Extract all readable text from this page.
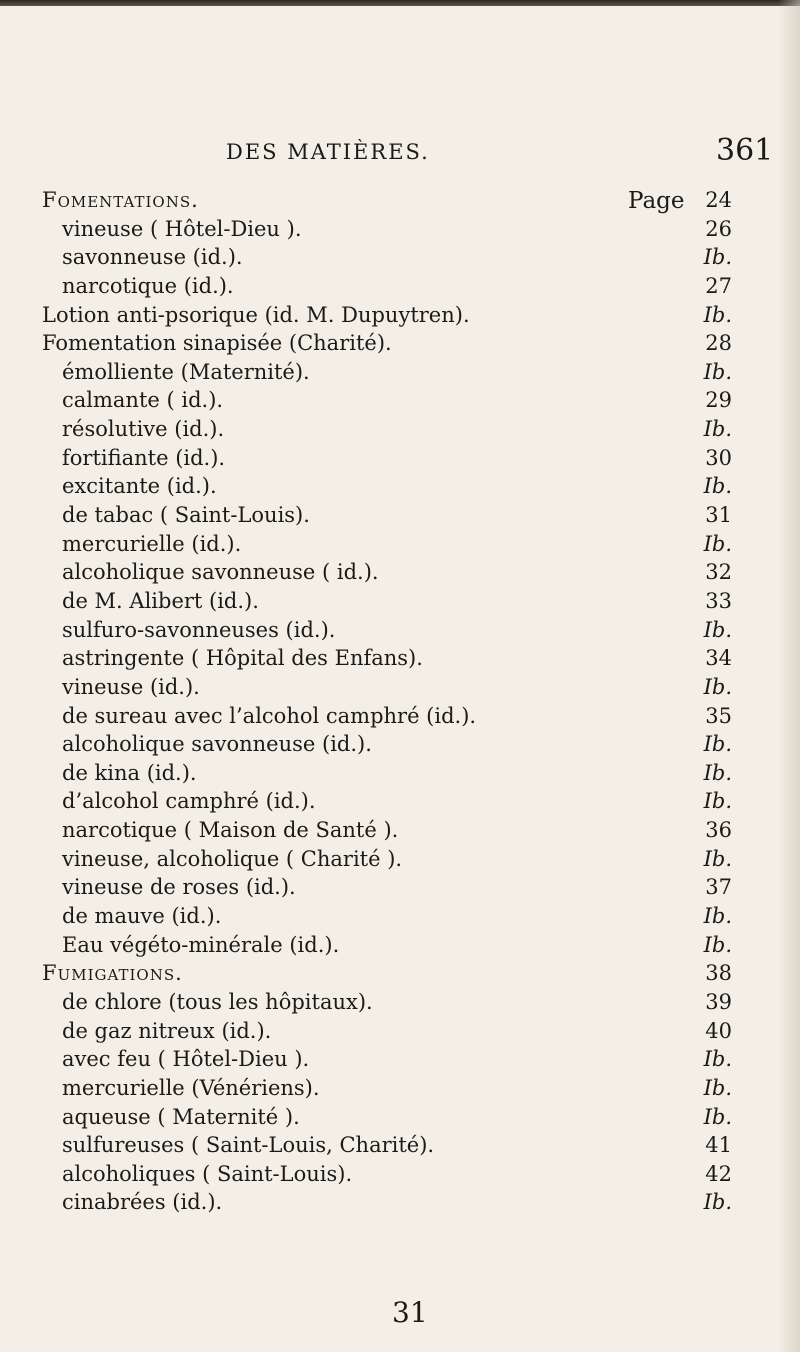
DES MATIÈRES.	361
Fomentations.	Page 24
vineuse ( Hôtel-Dieu ).	26
savonneuse (id.).	Ib.
narcotique (id.).	27
Lotion anti-psorique (id. M. Dupuytren).	Ib.
Fomentation sinapisée (Charité).	28
émolliente (Maternité).	Ib.
calmante ( id.).	29
résolutive (id.).	Ib.
fortifiante (id.).	30
excitante (id.).	Ib.
de tabac ( Saint-Louis).	31
mercurielle (id.).	Ib.
alcoholique savonneuse ( id.).	32
de M. Alibert (id.).	33
sulfuro-savonneuses (id.).	Ib.
astringente ( Hôpital des Enfans).	34
vineuse (id.).	Ib.
de sureau avec l’alcohol camphré (id.).	35
alcoholique savonneuse (id.).	Ib.
de kina (id.).	Ib.
d’alcohol camphré (id.).	Ib.
narcotique ( Maison de Santé ).	36
vineuse, alcoholique ( Charité ).	Ib.
vineuse de roses (id.).	37
de mauve (id.).	Ib.
Eau végéto-minérale (id.).	Ib.
Fumigations.	38
de chlore (tous les hôpitaux).	39
de gaz nitreux (id.).	40
avec feu ( Hôtel-Dieu ).	Ib.
mercurielle (Vénériens).	Ib.
aqueuse ( Maternité ).	Ib.
sulfureuses ( Saint-Louis, Charité).	41
alcoholiques ( Saint-Louis).	42
cinabrées (id.).	Ib.
31
